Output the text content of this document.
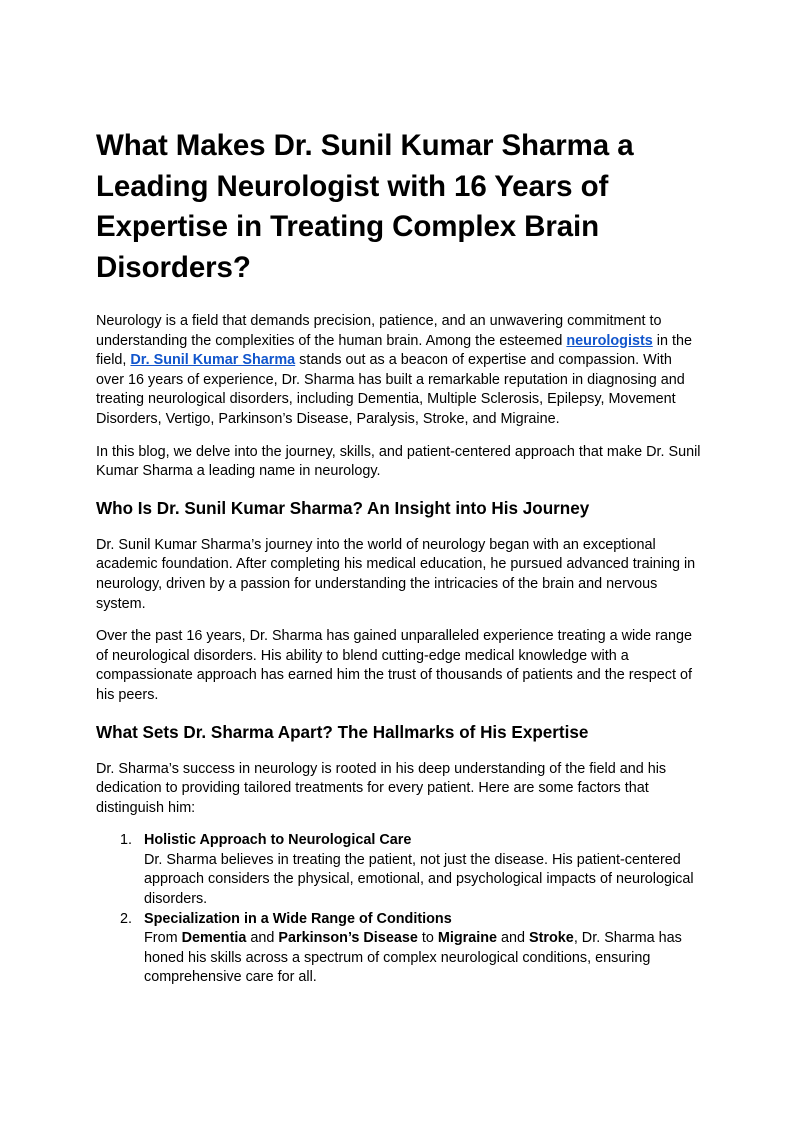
What Makes Dr. Sunil Kumar Sharma a Leading Neurologist with 16 Years of Expertise in Treating Complex Brain Disorders?

Neurology is a field that demands precision, patience, and an unwavering commitment to understanding the complexities of the human brain. Among the esteemed neurologists in the field, Dr. Sunil Kumar Sharma stands out as a beacon of expertise and compassion. With over 16 years of experience, Dr. Sharma has built a remarkable reputation in diagnosing and treating neurological disorders, including Dementia, Multiple Sclerosis, Epilepsy, Movement Disorders, Vertigo, Parkinson’s Disease, Paralysis, Stroke, and Migraine.

In this blog, we delve into the journey, skills, and patient-centered approach that make Dr. Sunil Kumar Sharma a leading name in neurology.

Who Is Dr. Sunil Kumar Sharma? An Insight into His Journey

Dr. Sunil Kumar Sharma’s journey into the world of neurology began with an exceptional academic foundation. After completing his medical education, he pursued advanced training in neurology, driven by a passion for understanding the intricacies of the brain and nervous system.

Over the past 16 years, Dr. Sharma has gained unparalleled experience treating a wide range of neurological disorders. His ability to blend cutting-edge medical knowledge with a compassionate approach has earned him the trust of thousands of patients and the respect of his peers.

What Sets Dr. Sharma Apart? The Hallmarks of His Expertise

Dr. Sharma’s success in neurology is rooted in his deep understanding of the field and his dedication to providing tailored treatments for every patient. Here are some factors that distinguish him:

1. Holistic Approach to Neurological Care
Dr. Sharma believes in treating the patient, not just the disease. His patient-centered approach considers the physical, emotional, and psychological impacts of neurological disorders.
2. Specialization in a Wide Range of Conditions
From Dementia and Parkinson’s Disease to Migraine and Stroke, Dr. Sharma has honed his skills across a spectrum of complex neurological conditions, ensuring comprehensive care for all.
